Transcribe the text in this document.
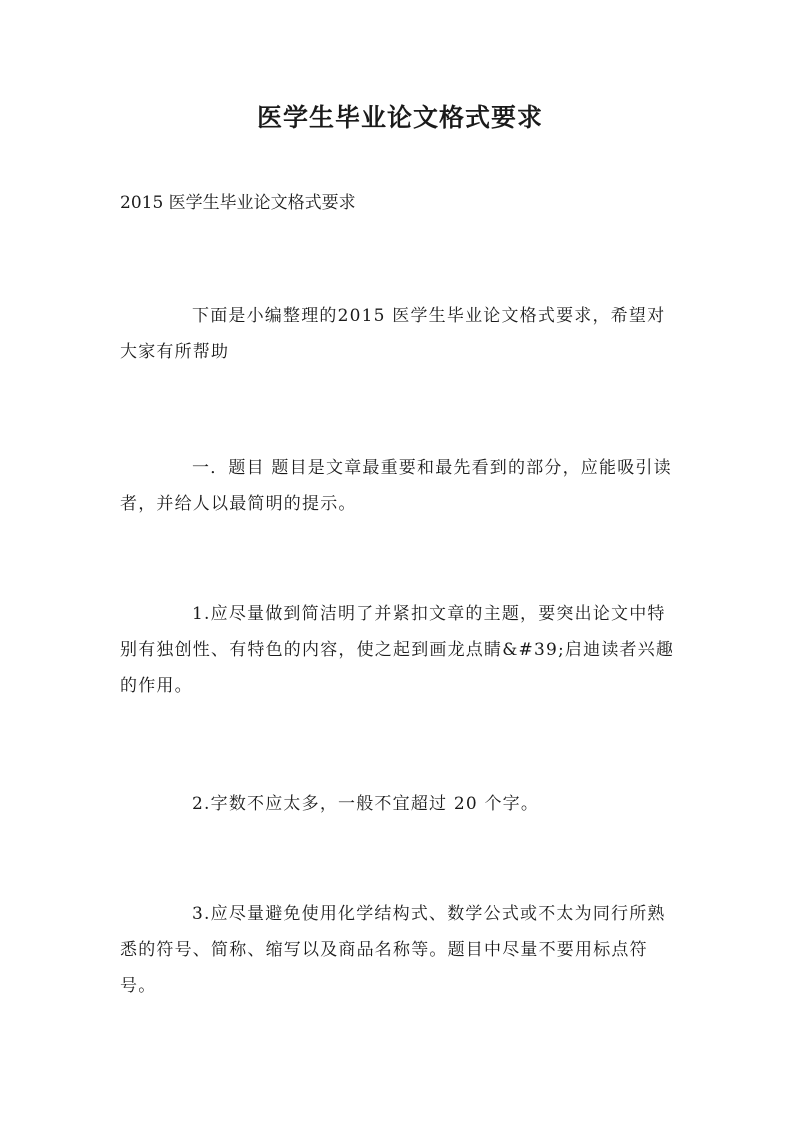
医学生毕业论文格式要求

2015 医学生毕业论文格式要求

下面是小编整理的2015 医学生毕业论文格式要求，希望对大家有所帮助

一．题目 题目是文章最重要和最先看到的部分，应能吸引读者，并给人以最简明的提示。

1.应尽量做到简洁明了并紧扣文章的主题，要突出论文中特别有独创性、有特色的内容，使之起到画龙点睛&#39;启迪读者兴趣的作用。

2.字数不应太多，一般不宜超过 20 个字。

3.应尽量避免使用化学结构式、数学公式或不太为同行所熟悉的符号、简称、缩写以及商品名称等。题目中尽量不要用标点符号。
